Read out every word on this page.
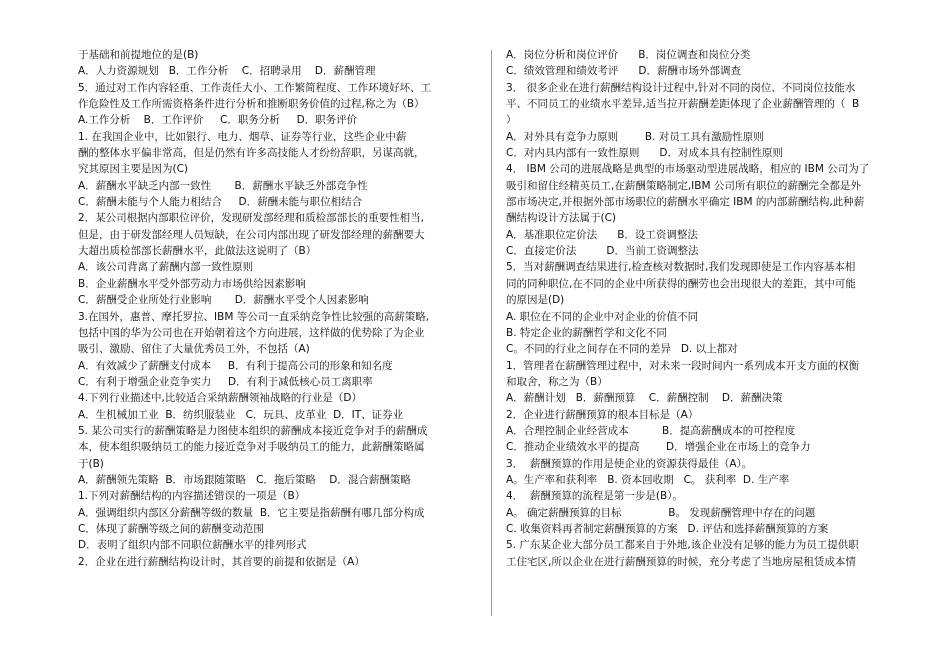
于基础和前提地位的是(B)
A．人力资源规划   B．工作分析    C．招聘录用    D．薪酬管理
5．通过对工作内容轻重、工作责任大小、工作繁简程度、工作环境好坏、工
作危险性及工作所需资格条件进行分析和推断职务价值的过程,称之为（B）
A.工作分析    B．工作评价     C．职务分析     D．职务评价
1. 在我国企业中，比如银行、电力、烟草、证券等行业，这些企业中薪
酬的整体水平偏非常高，但是仍然有许多高技能人才纷纷辞职，另谋高就，
究其原因主要是因为(C)
A．薪酬水平缺乏内部一致性       B．薪酬水平缺乏外部竞争性
C．薪酬未能与个人能力相结合     D．薪酬未能与职位相结合
2．某公司根据内部职位评价，发现研发部经理和质检部部长的重要性相当,
但是，由于研发部经理人员短缺，在公司内部出现了研发部经理的薪酬要大
大超出质检部部长薪酬水平，此做法这说明了（B）
A．该公司背离了薪酬内部一致性原则
B．企业薪酬水平受外部劳动力市场供给因素影响
C．薪酬受企业所处行业影响       D．薪酬水平受个人因素影响
3.在国外，惠普、摩托罗拉、IBM 等公司一直采纳竞争性比较强的高薪策略,
包括中国的华为公司也在开始朝着这个方向进展，这样做的优势除了为企业
吸引、激励、留住了大量优秀员工外，不包括（A)
A．有效减少了薪酬支付成本     B．有利于提高公司的形象和知名度
C．有利于增强企业竞争实力     D．有利于减低核心员工离职率
4.下列行业描述中,比较适合采纳薪酬领袖战略的行业是（D）
A．生机械加工业  B．纺织服装业   C．玩具、皮革业  D．IT、证券业
5. 某公司实行的薪酬策略是力图使本组织的薪酬成本接近竞争对手的薪酬成
本，使本组织吸纳员工的能力接近竞争对手吸纳员工的能力，此薪酬策略属
于(B)
A．薪酬领先策略  B．市场跟随策略   C．拖后策略    D．混合薪酬策略
1.下列对薪酬结构的内容描述错误的一项是（B）
A．强调组织内部区分薪酬等级的数量  B．它主要是指薪酬有哪几部分构成
C．体现了薪酬等级之间的薪酬变动范围
D．表明了组织内部不同职位薪酬水平的排列形式
2．企业在进行薪酬结构设计时，其首要的前提和依据是（A）
A．岗位分析和岗位评价      B．岗位调查和岗位分类
C．绩效管理和绩效考评      D．薪酬市场外部调查
3． 很多企业在进行薪酬结构设计过程中,针对不同的岗位、不同岗位技能水
平、不同员工的业绩水平差异,适当拉开薪酬差距体现了企业薪酬管理的（  B
）
A．对外具有竞争力原则        B. 对员工具有激励性原则
C．对内具内部有一致性原则      D．对成本具有控制性原则
4． IBM 公司的进展战略是典型的市场驱动型进展战略，相应的 IBM 公司为了
吸引和留住经精英员工,在薪酬策略制定,IBM 公司所有职位的薪酬完全都是外
部市场决定,并根据外部市场职位的薪酬水平确定 IBM 的内部薪酬结构,此种薪
酬结构设计方法属于(C)
A．基准职位定价法      B．设工资调整法
C．直接定价法         D．当前工资调整法
5．当对薪酬调查结果进行,检查核对数据时,我们发现即使是工作内容基本相
同的同种职位,在不同的企业中所获得的酬劳也会出现很大的差距，其中可能
的原因是(D)
A. 职位在不同的企业中对企业的价值不同
B. 特定企业的薪酬哲学和文化不同
C。不同的行业之间存在不同的差异   D. 以上都对
1．管理者在薪酬管理过程中，对未来一段时间内一系列成本开支方面的权衡
和取舍，称之为（B）
A．薪酬计划   B．薪酬预算    C．薪酬控制    D．薪酬决策
2．企业进行薪酬预算的根本目标是（A）
A．合理控制企业经营成本          B．提高薪酬成本的可控程度
C．推动企业绩效水平的提高        D．增强企业在市场上的竞争力
3．  薪酬预算的作用是使企业的资源获得最佳（A）。
A。生产率和获利率   B. 资本回收期   C。 获利率  D. 生产率
4．  薪酬预算的流程是第一步是(B）。
A。 确定薪酬预算的目标              B。 发现薪酬管理中存在的问题
C. 收集资料再者制定薪酬预算的方案   D. 评估和选择薪酬预算的方案
5. 广东某企业大部分员工都来自于外地,该企业没有足够的能力为员工提供职
工住宅区,所以企业在进行薪酬预算的时候，充分考虑了当地房屋租赁成本情
